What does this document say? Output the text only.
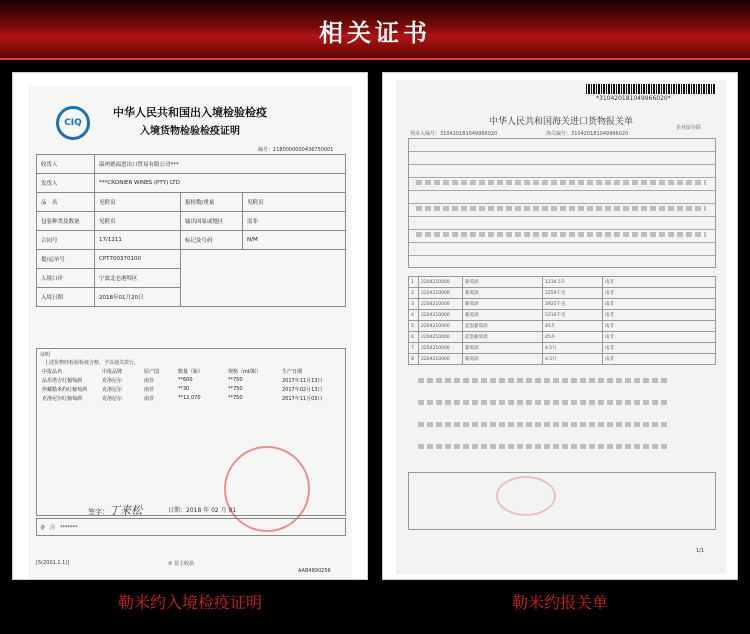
相关证书
CIQ
中华人民共和国出入境检验检疫
入境货物检验检疫证明
编号：1180000000436750001
收货人	温州德福进出口贸易有限公司***		
发货人	***CRONIER WINES (PTY) LTD		
品　名	见附页	报检数/重量	见附页
包装种类及数量	见附页	输出国家或地区	南非
合同号	17/1211	标记及号码	N/M
提/运单号	CPT700370100		
入境口岸	宁波北仑港埠区		
入境日期	2018年01月20日		
证明
上述货物经检验检疫合格，予以通关放行。
中报品名	中报品牌	原产国	数量（瓶）	规格（ml/瓶）	生产日期
品乐塔吉红葡萄酒	克洛尼尔	南非	**600	**750	2017年11月13日
珍藏勒米约红葡萄酒	克洛尼尔	南非	**30	**750	2017年02月13日
克洛尼尔红葡萄酒	克洛尼尔	南非	**12,070	**750	2017年11月03日
签字：丁来松	日期：2018 年 02 月 01
备　注　 *******
[5(2001.1.1)]	② 货主收执
AAB4890256
*310420181049966020*
中华人民共和国海关进口货物报关单
预录入编号：310420181049966020	海关编号：310420181049966020
企业留存联
1	2204210000	葡萄酒	1234.5升	南非
2	2204210000	葡萄酒	2259千克	南非
3	2204210000	葡萄酒	2925千克	南非
4	2204210000	葡萄酒	5316千克	南非
5	2204210000	起泡葡萄酒	45升	南非
6	2204210000	起泡葡萄酒	45升	南非
7	2204210000	葡萄酒	4.5升	南非
8	2204210000	葡萄酒	4.5升	南非
1/1
勒米约入境检疫证明	勒米约报关单
